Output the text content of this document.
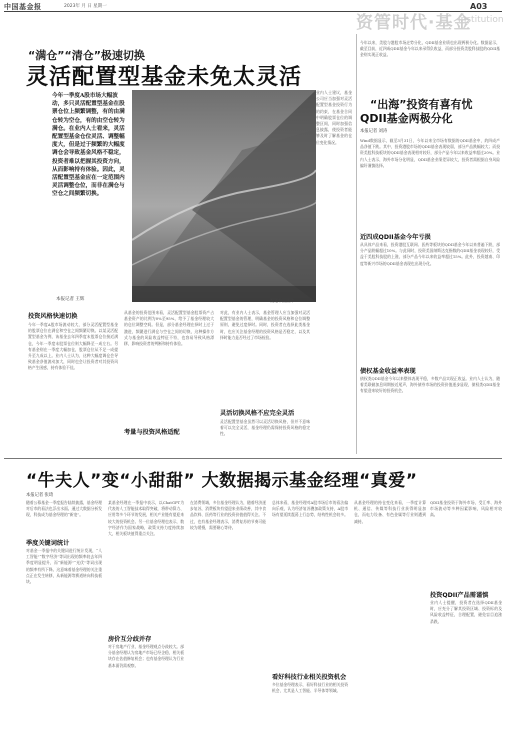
中国基金报	2023年 月 日 星期一
资管时代·基金
A03
Institution
“满仓”“清仓”极速切换
灵活配置型基金未免太灵活
今年一季度A股市场大幅波动，多只灵活配置型基金在股票仓位上频繁调整，有的由满仓转为空仓，有的由空仓转为满仓。在业内人士看来，灵活配置型基金仓位灵活、调整幅度大，但是过于频繁的大幅度调仓会导致基金风格不稳定，投资者难以把握其投资方向，从而影响持有体验。因此，灵活配置型基金应在一定范围内灵活调整仓位，而非在满仓与空仓之间频繁切换。
本报记者 王辉	视觉中国图片
投资风格快速切换
今年一季度A股市场波动较大，部分灵活配置型基金的股票仓位在满仓和空仓之间频繁切换。以某灵活配置型基金为例，该基金去年四季度末股票仓位接近满仓，今年一季度末股票仓位则大幅降至一成左右。另有基金则在一季度大幅加仓，股票仓位从不足一成提升至九成以上。业内人士认为，这种大幅度调仓会导致基金净值波动加大，同时也会让投资者对其投资风格产生困惑，持有体验不佳。
从基金的投资范围来看，灵活配置型基金股票资产占基金资产的比例为0%至95%，给予了基金经理较大的仓位调整空间。但是，部分基金经理在择时上过于激进，频繁进行满仓与空仓之间的切换，这种操作方式与基金的风险收益特征不符，也容易导致风格漂移，影响投资者的判断和持有体验。
考量与投资风格适配
对此，有业内人士表示，基金管理人应当加强对灵活配置型基金的管理，明确基金的投资风格和仓位调整原则，避免过度择时。同时，投资者在选择此类基金时，也应关注基金经理的投资风格是否稳定，以及其择时能力是否经过了市场检验。
灵活切换风格不应完全灵活
灵活配置型基金虽然可以灵活切换风格，但并不意味着可以完全灵活，基金经理仍需保持投资风格的稳定性。
业内人士建议，基金公司应当加强对灵活配置型基金投资行为的约束，在基金合同中明确股票仓位的调整区间，同时加强信息披露，使投资者能够及时了解基金的仓位变化情况。
今年以来，美股与港股市场走势分化，QDII基金业绩也出现两极分化。数据显示，截至目前，近四成QDII基金今年以来录得负收益，而部分投资美股科技股的QDII基金则实现正收益。
“出海”投资有喜有忧
QDII基金两极分化
本报记者 刘涛
Wind数据显示，截至3月31日，今年以来全市场有数据的QDII基金中，约四成产品净值下跌。其中，投资港股市场的QDII基金表现较弱，部分产品跌幅较大；而投资美股科技板块的QDII基金表现相对较好，部分产品今年以来收益率超过20%。业内人士表示，海外市场分化明显，QDII基金业绩差异较大，投资者需根据自身风险偏好谨慎选择。
近四成QDII基金今年亏损
从具体产品来看，投资港股互联网、医药等板块的QDII基金今年以来普遍下跌，部分产品跌幅超过10%。与此同时，投资美国纳斯达克指数的QDII基金表现较好，受益于美股科技股的上涨，部分产品今年以来收益率超过15%。此外，投资越南、印度等新兴市场的QDII基金表现也出现分化。
债权基金收益率表现
债权类QDII基金今年以来整体表现平稳，多数产品实现正收益。业内人士认为，随着美联储加息周期接近尾声，海外债券市场的投资价值逐步显现，债权类QDII基金有望迎来较好的投资机会。
“牛夫人”变“小甜甜” 大数据揭示基金经理“真爱”
本报记者 张琦
随着公募基金一季度报告陆续披露，基金经理对后市的看法也浮出水面。通过大数据分析发现，科技成为基金经理的“新宠”。
季度关键词统计
对基金一季报中的关键词进行统计发现，“人工智能”“数字经济”等词出现的频率较去年四季度明显提升，而“新能源”“光伏”等词出现的频率有所下降。这意味着基金经理的关注重点正在发生转移，从新能源等赛道转向科技板块。
某基金经理在一季报中表示，以ChatGPT为代表的人工智能技术取得突破，将带动算力、应用等多个环节的发展，相关产业链有望迎来较大的投资机会。另一位基金经理也表示，数字经济作为国家战略，政策支持力度持续加大，相关板块值得重点关注。
房价互分歧并存
对于房地产行业，基金经理观点分歧较大。部分基金经理认为房地产市场已经企稳，相关板块存在估值修复机会；也有基金经理认为行业基本面仍需观察。
在消费领域，多位基金经理认为，随着经济逐步复苏，消费板块有望迎来业绩改善，其中食品饮料、医药等行业的投资价值值得关注。不过，也有基金经理表示，消费复苏的节奏可能较为缓慢，需要耐心等待。
总体来看，基金经理对A股市场后市的看法偏向乐观，认为经济复苏叠加政策支持，A股市场有望延续震荡上行态势，结构性机会较多。
看好科技行业相关投资机会
多位基金经理表示，看好科技行业的相关投资机会，尤其是人工智能、半导体等领域。
从基金经理的持仓变化来看，一季度计算机、通信、传媒等科技行业获得明显加仓，而电力设备、有色金属等行业则遭到减持。
投资QDII产品需谨慎
QDII基金投资于海外市场，受汇率、海外市场波动等多种因素影响，风险相对较高。
业内人士提醒，投资者在选择QDII基金时，应充分了解其投资区域、投资标的及风险收益特征，合理配置，避免盲目追涨杀跌。
